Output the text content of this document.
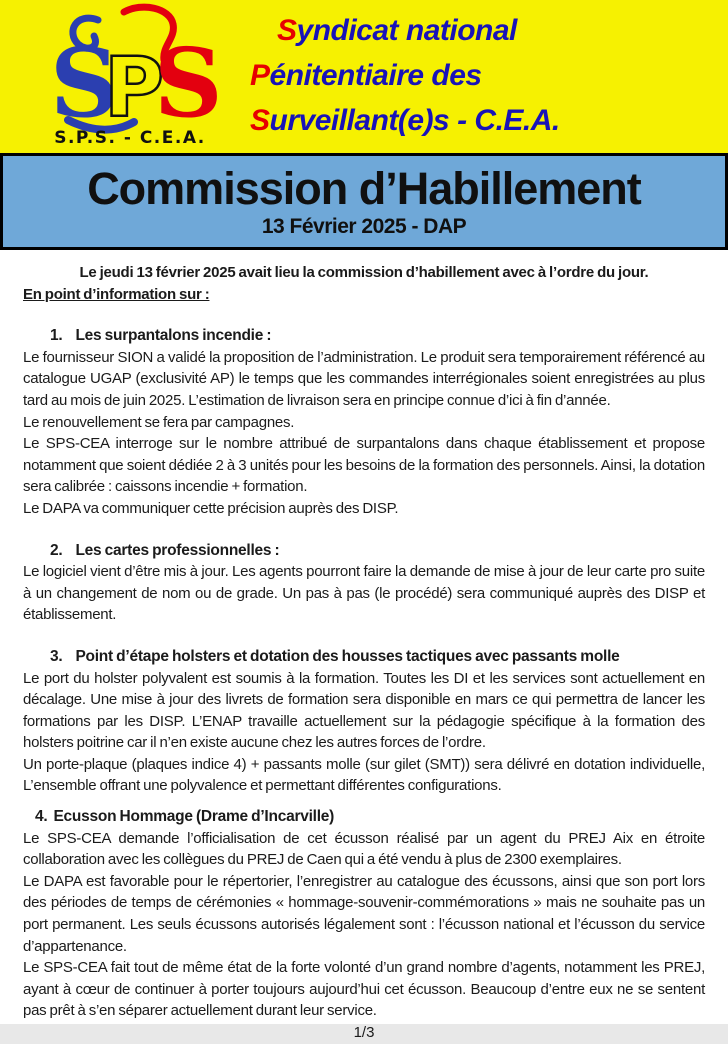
S
P
S
S.P.S. - C.E.A.
Syndicat national
Pénitentiaire des
Surveillant(e)s - C.E.A.
Commission d’Habillement
13 Février 2025 - DAP

Le jeudi 13 février 2025 avait lieu la commission d’habillement avec à l’ordre du jour.

En point d’information sur :

1. Les surpantalons incendie :

Le fournisseur SION a validé la proposition de l’administration. Le produit sera temporairement référencé au catalogue UGAP (exclusivité AP) le temps que les commandes interrégionales soient enregistrées au plus tard au mois de juin 2025. L’estimation de livraison sera en principe connue d’ici à fin d’année.

Le renouvellement se fera par campagnes.

Le SPS-CEA interroge sur le nombre attribué de surpantalons dans chaque établissement et propose notamment que soient dédiée 2 à 3 unités pour les besoins de la formation des personnels. Ainsi, la dotation sera calibrée : caissons incendie + formation.

Le DAPA va communiquer cette précision auprès des DISP.

2. Les cartes professionnelles :

Le logiciel vient d’être mis à jour. Les agents pourront faire la demande de mise à jour de leur carte pro suite à un changement de nom ou de grade. Un pas à pas (le procédé) sera communiqué auprès des DISP et établissement.

3. Point d’étape holsters et dotation des housses tactiques avec passants molle

Le port du holster polyvalent est soumis à la formation. Toutes les DI et les services sont actuellement en décalage. Une mise à jour des livrets de formation sera disponible en mars ce qui permettra de lancer les formations par les DISP. L’ENAP travaille actuellement sur la pédagogie spécifique à la formation des holsters poitrine car il n’en existe aucune chez les autres forces de l’ordre.

Un porte-plaque (plaques indice 4) + passants molle (sur gilet (SMT)) sera délivré en dotation individuelle, L’ensemble offrant une polyvalence et permettant différentes configurations.

4. Ecusson Hommage (Drame d’Incarville)

Le SPS-CEA demande l’officialisation de cet écusson réalisé par un agent du PREJ Aix en étroite collaboration avec les collègues du PREJ de Caen qui a été vendu à plus de 2300 exemplaires.

Le DAPA est favorable pour le répertorier, l’enregistrer au catalogue des écussons, ainsi que son port lors des périodes de temps de cérémonies « hommage-souvenir-commémorations » mais ne souhaite pas un port permanent. Les seuls écussons autorisés légalement sont : l’écusson national et l’écusson du service d’appartenance.

Le SPS-CEA fait tout de même état de la forte volonté d’un grand nombre d’agents, notamment les PREJ, ayant à cœur de continuer à porter toujours aujourd’hui cet écusson. Beaucoup d’entre eux ne se sentent pas prêt à s’en séparer actuellement durant leur service.

1/3
